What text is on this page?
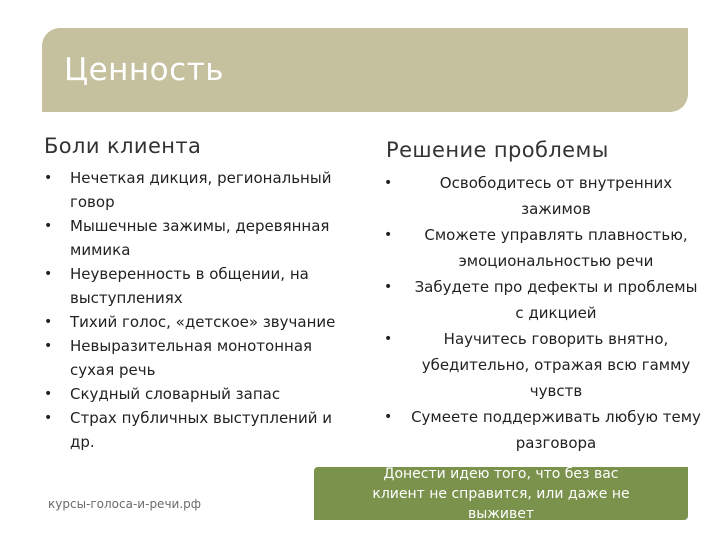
Ценность
Боли клиента	Решение проблемы
• Нечеткая дикция, региональный говор
• Мышечные зажимы, деревянная мимика
• Неуверенность в общении, на выступлениях
• Тихий голос, «детское» звучание
• Невыразительная монотонная сухая речь
• Скудный словарный запас
• Страх публичных выступлений и др.
•	Освободитесь от внутренних зажимов
•	Сможете управлять плавностью, эмоциональностью речи
•	Забудете про дефекты и проблемы с дикцией
•	Научитесь говорить внятно, убедительно, отражая всю гамму чувств
• Сумеете поддерживать любую тему разговора
курсы-голоса-и-речи.рф
Донести идею того, что без вас клиент не справится, или даже не выживет
